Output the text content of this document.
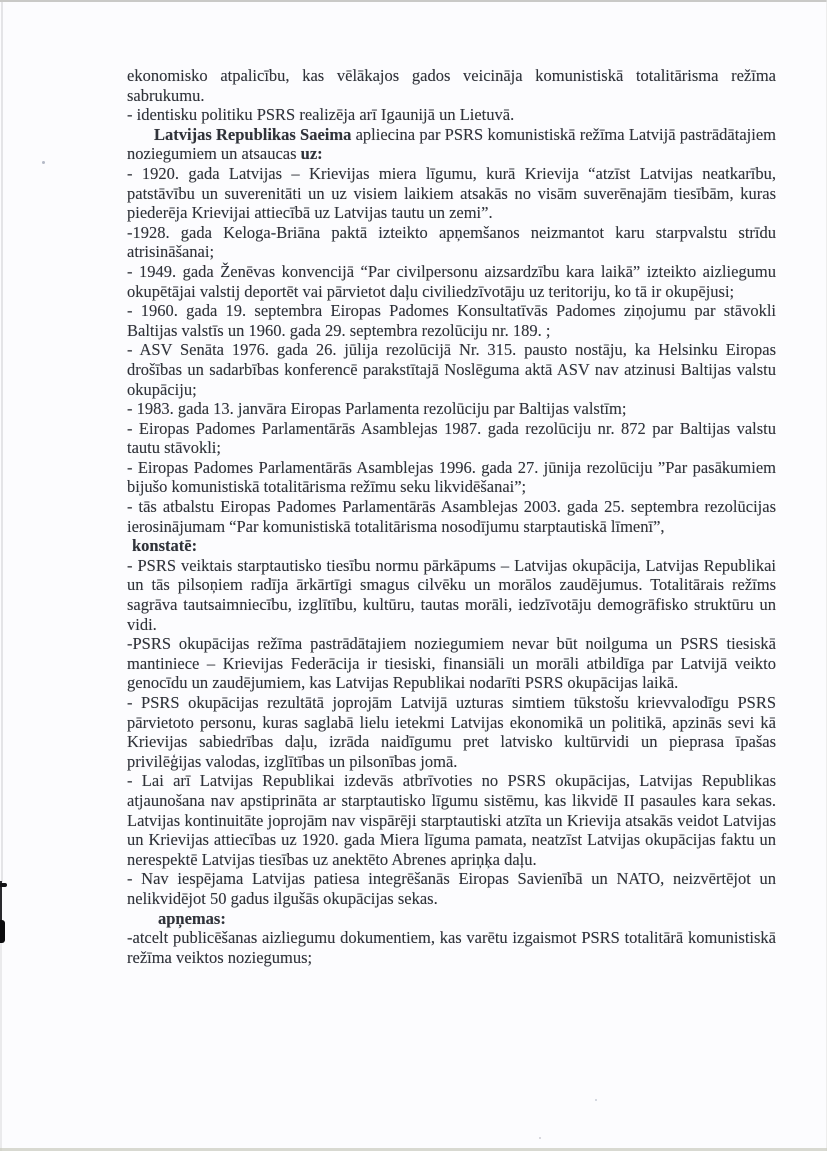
ekonomisko atpalicību, kas vēlākajos gados veicināja komunistiskā totalitārisma režīma sabrukumu.

- identisku politiku PSRS realizēja arī Igaunijā un Lietuvā.

Latvijas Republikas Saeima apliecina par PSRS komunistiskā režīma Latvijā pastrādātajiem noziegumiem un atsaucas uz:

- 1920. gada Latvijas – Krievijas miera līgumu, kurā Krievija “atzīst Latvijas neatkarību, patstāvību un suverenitāti un uz visiem laikiem atsakās no visām suverēnajām tiesībām, kuras piederēja Krievijai attiecībā uz Latvijas tautu un zemi”.

-1928. gada Keloga-Briāna paktā izteikto apņemšanos neizmantot karu starpvalstu strīdu atrisināšanai;

- 1949. gada Ženēvas konvencijā “Par civilpersonu aizsardzību kara laikā” izteikto aizliegumu okupētājai valstij deportēt vai pārvietot daļu civiliedzīvotāju uz teritoriju, ko tā ir okupējusi;

- 1960. gada 19. septembra Eiropas Padomes Konsultatīvās Padomes ziņojumu par stāvokli Baltijas valstīs un 1960. gada 29. septembra rezolūciju nr. 189. ;

- ASV Senāta 1976. gada 26. jūlija rezolūcijā Nr. 315. pausto nostāju, ka Helsinku Eiropas drošības un sadarbības konferencē parakstītajā Noslēguma aktā ASV nav atzinusi Baltijas valstu okupāciju;

- 1983. gada 13. janvāra Eiropas Parlamenta rezolūciju par Baltijas valstīm;

- Eiropas Padomes Parlamentārās Asamblejas 1987. gada rezolūciju nr. 872 par Baltijas valstu tautu stāvokli;

- Eiropas Padomes Parlamentārās Asamblejas 1996. gada 27. jūnija rezolūciju ”Par pasākumiem bijušo komunistiskā totalitārisma režīmu seku likvidēšanai”;

- tās atbalstu Eiropas Padomes Parlamentārās Asamblejas 2003. gada 25. septembra rezolūcijas ierosinājumam “Par komunistiskā totalitārisma nosodījumu starptautiskā līmenī”,

konstatē:

- PSRS veiktais starptautisko tiesību normu pārkāpums – Latvijas okupācija, Latvijas Republikai un tās pilsoņiem radīja ārkārtīgi smagus cilvēku un morālos zaudējumus. Totalitārais režīms sagrāva tautsaimniecību, izglītību, kultūru, tautas morāli, iedzīvotāju demogrāfisko struktūru un vidi.

-PSRS okupācijas režīma pastrādātajiem noziegumiem nevar būt noilguma un PSRS tiesiskā mantiniece – Krievijas Federācija ir tiesiski, finansiāli un morāli atbildīga par Latvijā veikto genocīdu un zaudējumiem, kas Latvijas Republikai nodarīti PSRS okupācijas laikā.

- PSRS okupācijas rezultātā joprojām Latvijā uzturas simtiem tūkstošu krievvalodīgu PSRS pārvietoto personu, kuras saglabā lielu ietekmi Latvijas ekonomikā un politikā, apzinās sevi kā Krievijas sabiedrības daļu, izrāda naidīgumu pret latvisko kultūrvidi un pieprasa īpašas privilēģijas valodas, izglītības un pilsonības jomā.

- Lai arī Latvijas Republikai izdevās atbrīvoties no PSRS okupācijas, Latvijas Republikas atjaunošana nav apstiprināta ar starptautisko līgumu sistēmu, kas likvidē II pasaules kara sekas. Latvijas kontinuitāte joprojām nav vispārēji starptautiski atzīta un Krievija atsakās veidot Latvijas un Krievijas attiecības uz 1920. gada Miera līguma pamata, neatzīst Latvijas okupācijas faktu un nerespektē Latvijas tiesības uz anektēto Abrenes apriņķa daļu.

- Nav iespējama Latvijas patiesa integrēšanās Eiropas Savienībā un NATO, neizvērtējot un nelikvidējot 50 gadus ilgušās okupācijas sekas.

apņemas:

-atcelt publicēšanas aizliegumu dokumentiem, kas varētu izgaismot PSRS totalitārā komunistiskā režīma veiktos noziegumus;
